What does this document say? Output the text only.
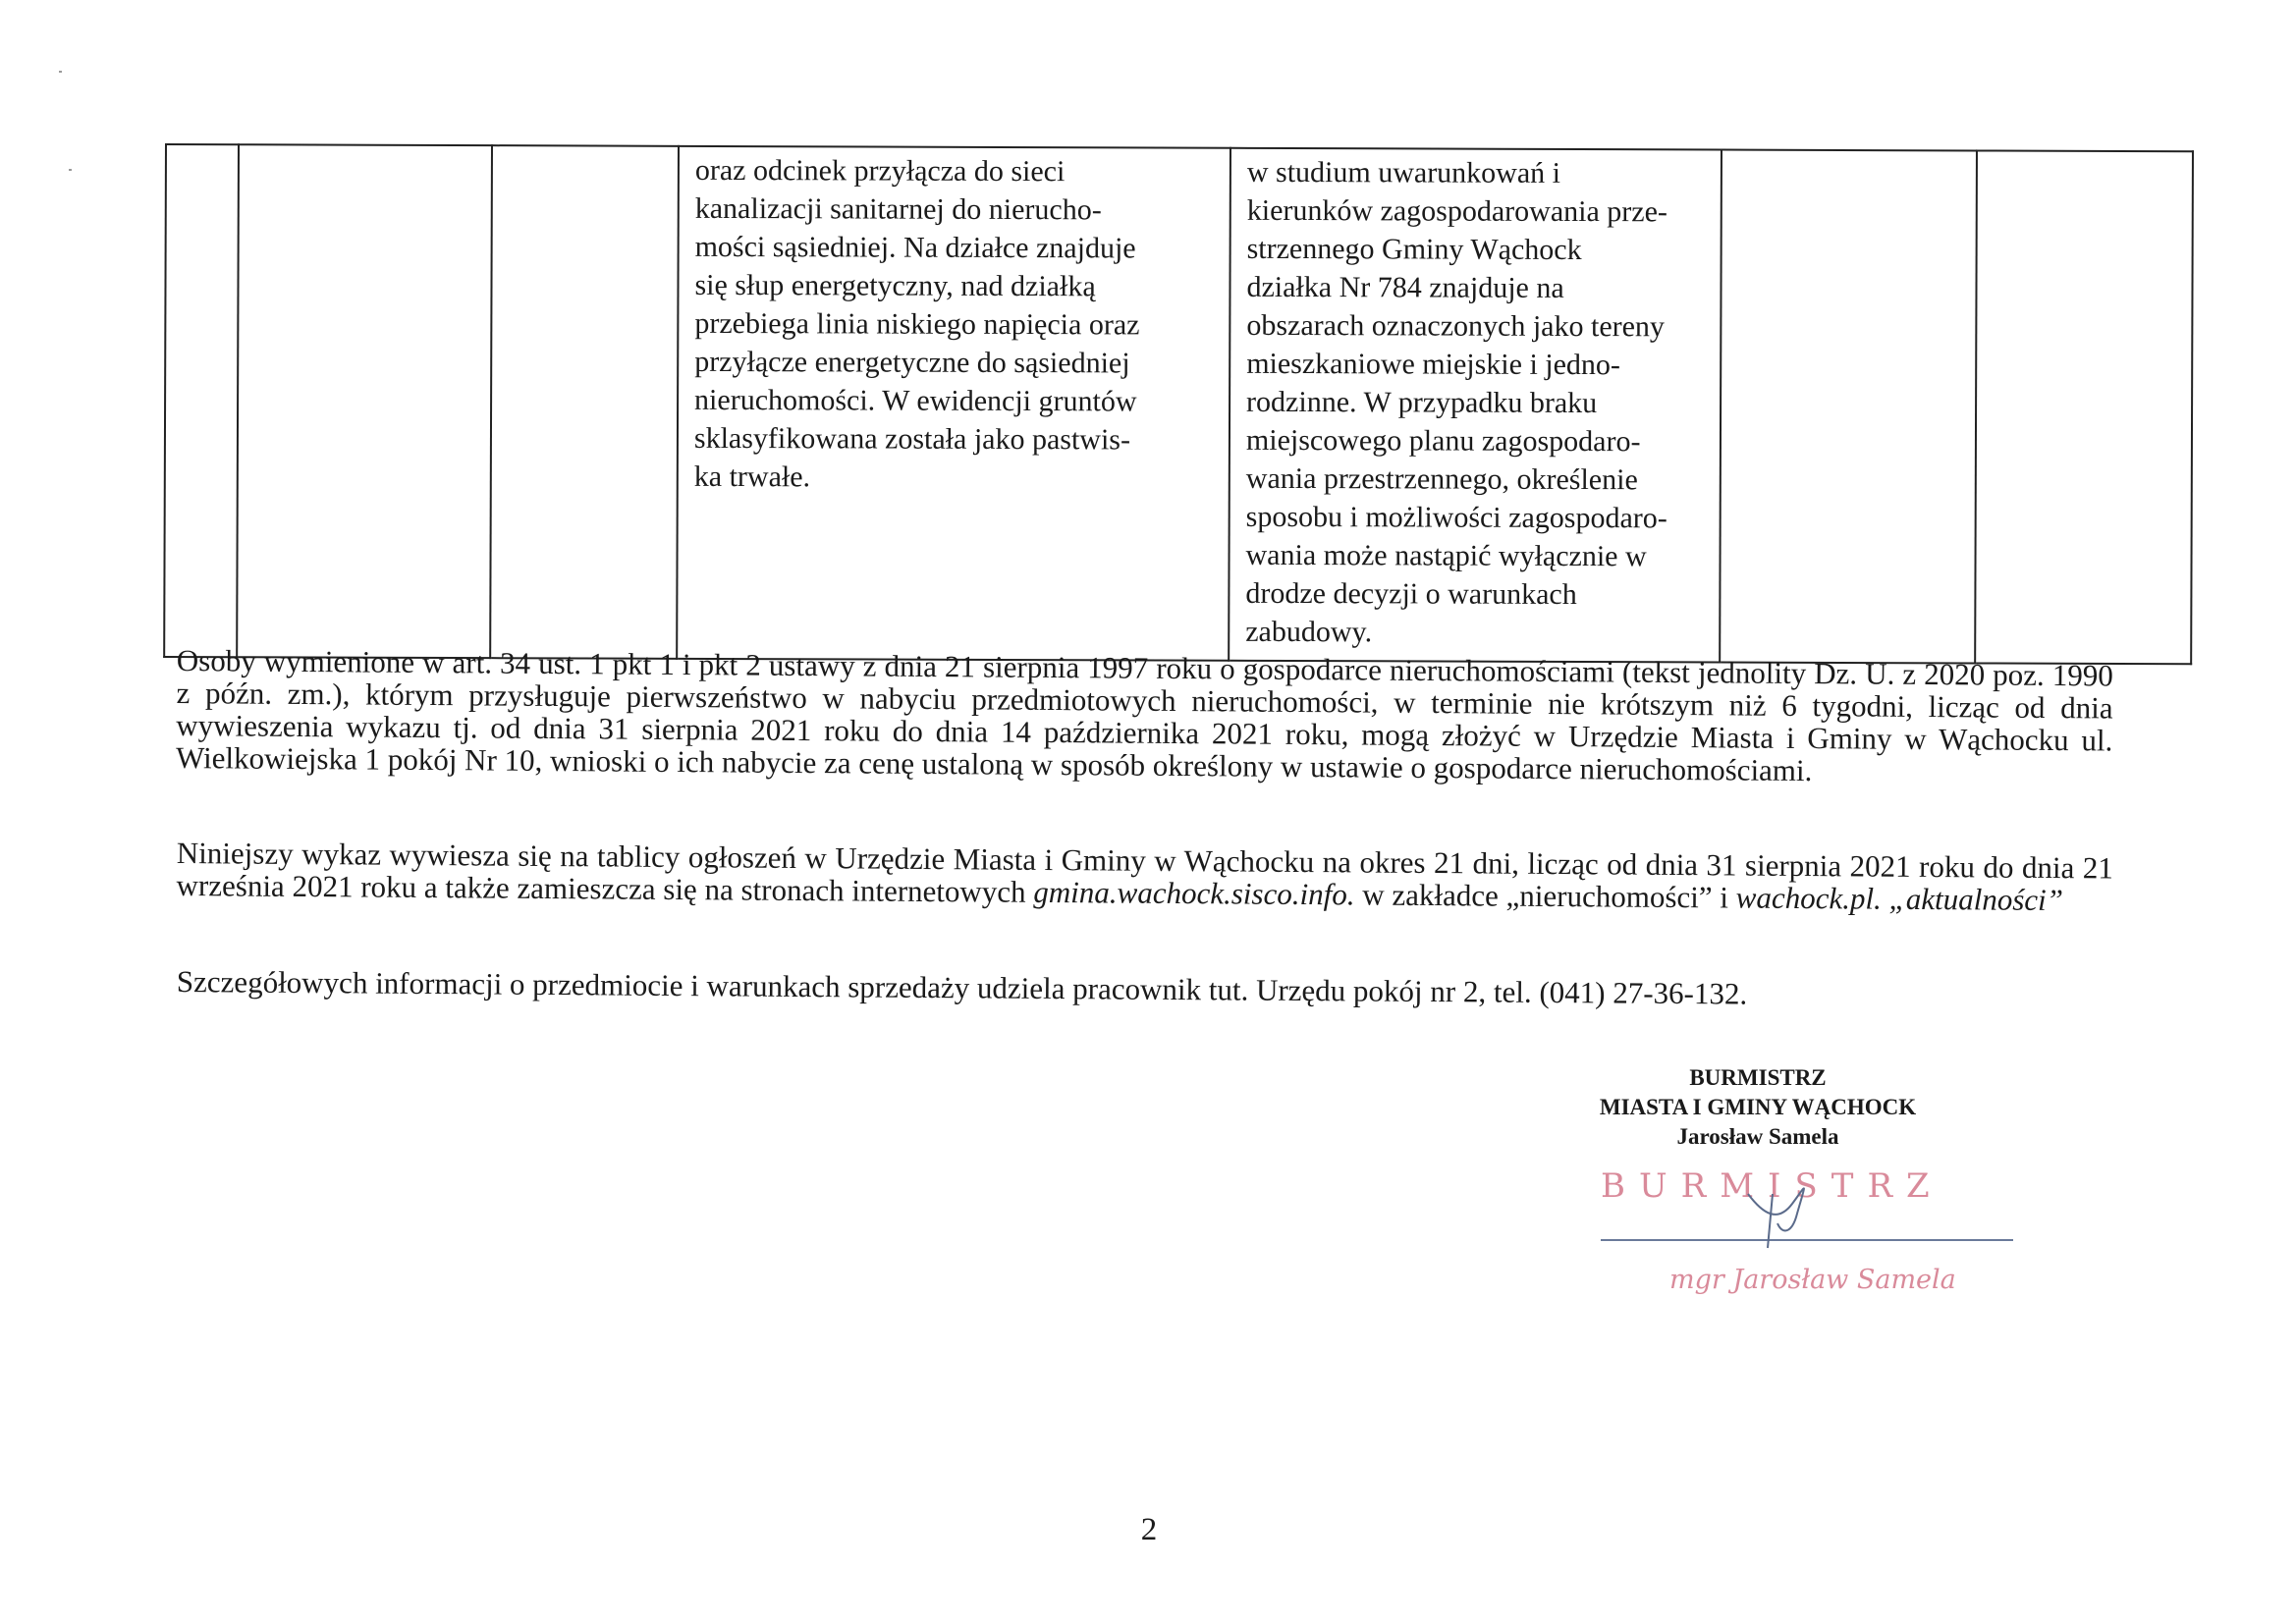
oraz odcinek przyłącza do sieci
kanalizacji sanitarnej do nierucho-
mości sąsiedniej. Na działce znajduje
się słup energetyczny, nad działką
przebiega linia niskiego napięcia oraz
przyłącze energetyczne do sąsiedniej
nieruchomości. W ewidencji gruntów
sklasyfikowana została jako pastwis-
ka trwałe.

w studium uwarunkowań i
kierunków zagospodarowania prze-
strzennego Gminy Wąchock
działka Nr 784 znajduje na
obszarach oznaczonych jako tereny
mieszkaniowe miejskie i jedno-
rodzinne. W przypadku braku
miejscowego planu zagospodaro-
wania przestrzennego, określenie
sposobu i możliwości zagospodaro-
wania może nastąpić wyłącznie w
drodze decyzji o warunkach
zabudowy.

Osoby wymienione w art. 34 ust. 1 pkt 1 i pkt 2 ustawy z dnia 21 sierpnia 1997 roku o gospodarce nieruchomościami (tekst jednolity Dz. U. z 2020 poz. 1990 z późn. zm.), którym przysługuje pierwszeństwo w nabyciu przedmiotowych nieruchomości, w terminie nie krótszym niż 6 tygodni, licząc od dnia wywieszenia wykazu tj. od dnia 31 sierpnia 2021 roku do dnia 14 października 2021 roku, mogą złożyć w Urzędzie Miasta i Gminy w Wąchocku ul. Wielkowiejska 1 pokój Nr 10, wnioski o ich nabycie za cenę ustaloną w sposób określony w ustawie o gospodarce nieruchomościami.
Niniejszy wykaz wywiesza się na tablicy ogłoszeń w Urzędzie Miasta i Gminy w Wąchocku na okres 21 dni, licząc od dnia 31 sierpnia 2021 roku do dnia 21 września 2021 roku a także zamieszcza się na stronach internetowych gmina.wachock.sisco.info. w zakładce „nieruchomości” i wachock.pl. „aktualności”
Szczegółowych informacji o przedmiocie i warunkach sprzedaży udziela pracownik tut. Urzędu pokój nr 2, tel. (041) 27-36-132.
BURMISTRZ
MIASTA I GMINY WĄCHOCK
Jarosław Samela
BURMISTRZ
mgr Jarosław Samela
2
